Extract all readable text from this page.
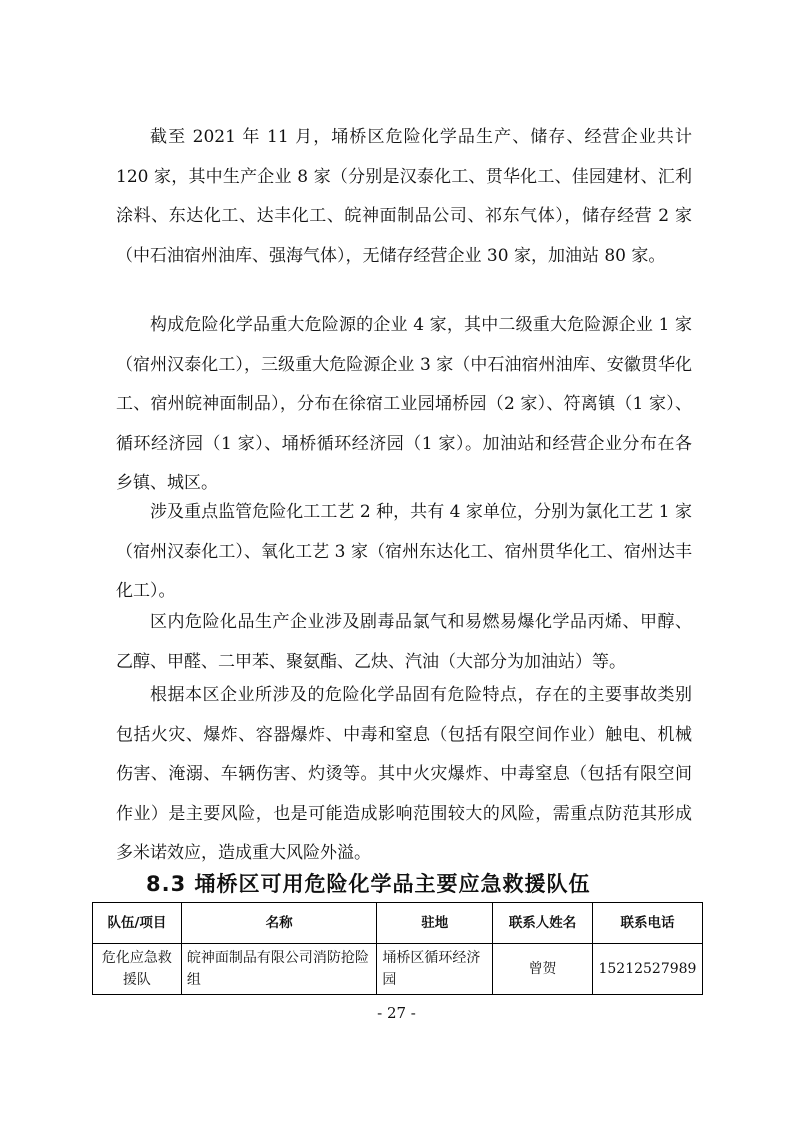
截至 2021 年 11 月，埇桥区危险化学品生产、储存、经营企业共计 120 家，其中生产企业 8 家（分别是汉泰化工、贯华化工、佳园建材、汇利涂料、东达化工、达丰化工、皖神面制品公司、祁东气体），储存经营 2 家（中石油宿州油库、强海气体），无储存经营企业 30 家，加油站 80 家。

构成危险化学品重大危险源的企业 4 家，其中二级重大危险源企业 1 家（宿州汉泰化工），三级重大危险源企业 3 家（中石油宿州油库、安徽贯华化工、宿州皖神面制品），分布在徐宿工业园埇桥园（2 家）、符离镇（1 家）、循环经济园（1 家）、埇桥循环经济园（1 家）。加油站和经营企业分布在各乡镇、城区。

涉及重点监管危险化工工艺 2 种，共有 4 家单位，分别为氯化工艺 1 家（宿州汉泰化工）、氧化工艺 3 家（宿州东达化工、宿州贯华化工、宿州达丰化工）。

区内危险化品生产企业涉及剧毒品氯气和易燃易爆化学品丙烯、甲醇、乙醇、甲醛、二甲苯、聚氨酯、乙炔、汽油（大部分为加油站）等。

根据本区企业所涉及的危险化学品固有危险特点，存在的主要事故类别包括火灾、爆炸、容器爆炸、中毒和窒息（包括有限空间作业）触电、机械伤害、淹溺、车辆伤害、灼烫等。其中火灾爆炸、中毒窒息（包括有限空间作业）是主要风险，也是可能造成影响范围较大的风险，需重点防范其形成多米诺效应，造成重大风险外溢。

8.3 埇桥区可用危险化学品主要应急救援队伍
队伍/项目	名称	驻地	联系人姓名	联系电话
危化应急救援队	皖神面制品有限公司消防抢险组	埇桥区循环经济园	曾贺	15212527989
- 27 -
